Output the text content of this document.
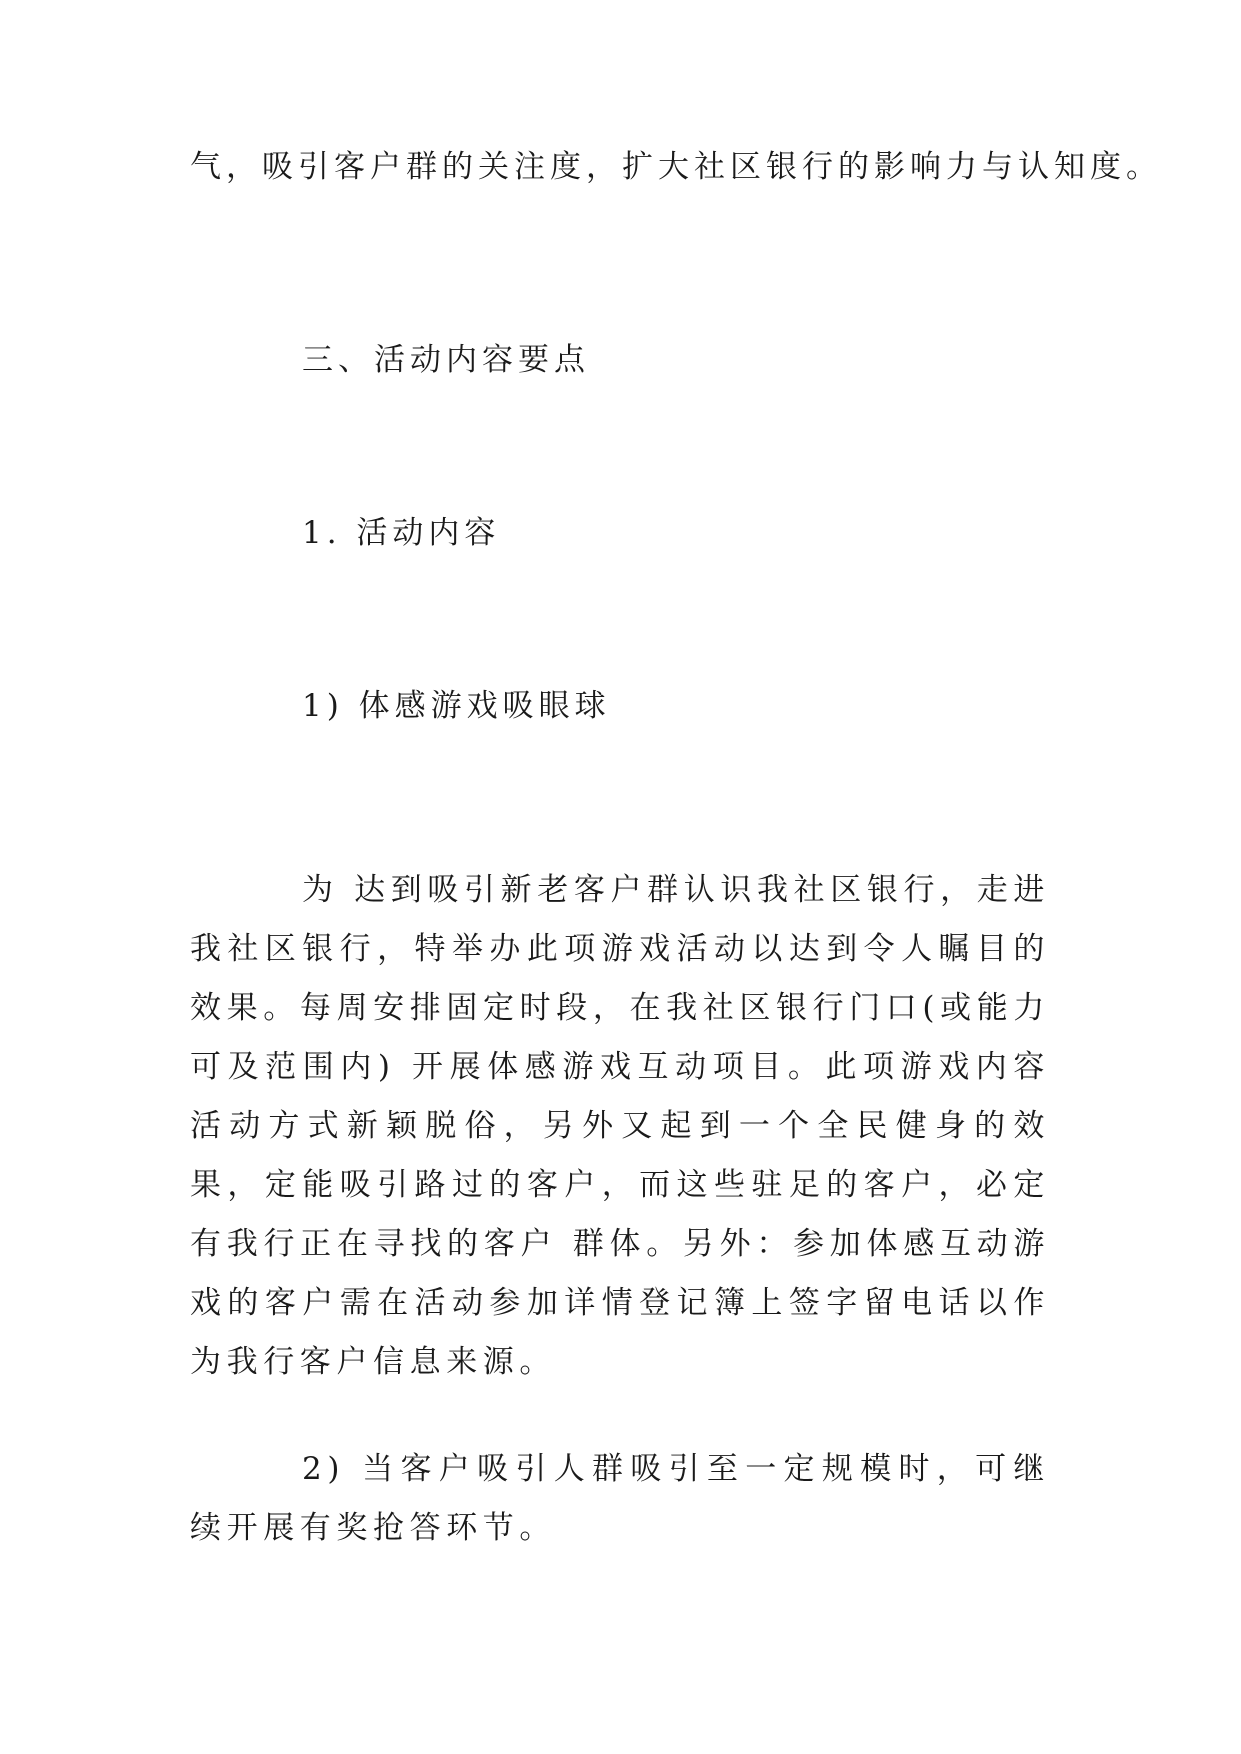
气，吸引客户群的关注度，扩大社区银行的影响力与认知度。
三、活动内容要点
1. 活动内容
1) 体感游戏吸眼球
为 达到吸引新老客户群认识我社区银行，走进我社区银行，特举办此项游戏活动以达到令人瞩目的效果。每周安排固定时段，在我社区银行门口(或能力可及范围内) 开展体感游戏互动项目。此项游戏内容活动方式新颖脱俗，另外又起到一个全民健身的效果，定能吸引路过的客户，而这些驻足的客户，必定有我行正在寻找的客户 群体。另外：参加体感互动游戏的客户需在活动参加详情登记簿上签字留电话以作为我行客户信息来源。
2) 当客户吸引人群吸引至一定规模时，可继续开展有奖抢答环节。
